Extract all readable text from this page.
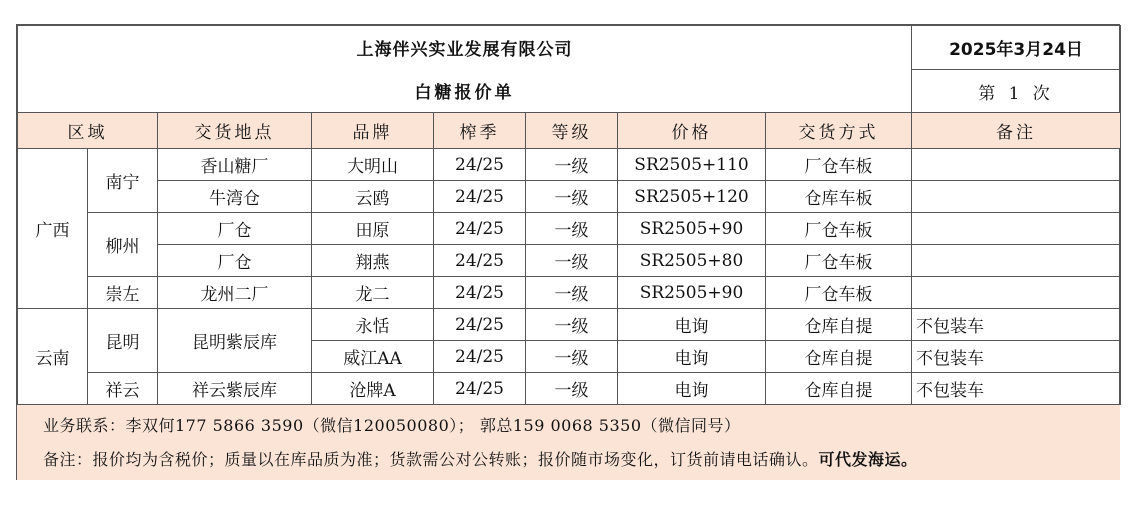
上海伴兴实业发展有限公司								2025年3月24日
白糖报价单								第 1 次
区域		交货地点	品牌	榨季	等级	价格	交货方式	备注
广西	南宁	香山糖厂	大明山	24/25	一级	SR2505+110	厂仓车板	
		牛湾仓	云鸥	24/25	一级	SR2505+120	仓库车板	
	柳州	厂仓	田原	24/25	一级	SR2505+90	厂仓车板	
		厂仓	翔燕	24/25	一级	SR2505+80	厂仓车板	
	崇左	龙州二厂	龙二	24/25	一级	SR2505+90	厂仓车板	
云南	昆明	昆明紫辰库	永恬	24/25	一级	电询	仓库自提	不包装车
			威江AA	24/25	一级	电询	仓库自提	不包装车
	祥云	祥云紫辰库	沧牌A	24/25	一级	电询	仓库自提	不包装车
业务联系：李双何177 5866 3590（微信120050080）； 郭总159 0068 5350（微信同号）
备注：报价均为含税价；质量以在库品质为准；货款需公对公转账；报价随市场变化，订货前请电话确认。可代发海运。
